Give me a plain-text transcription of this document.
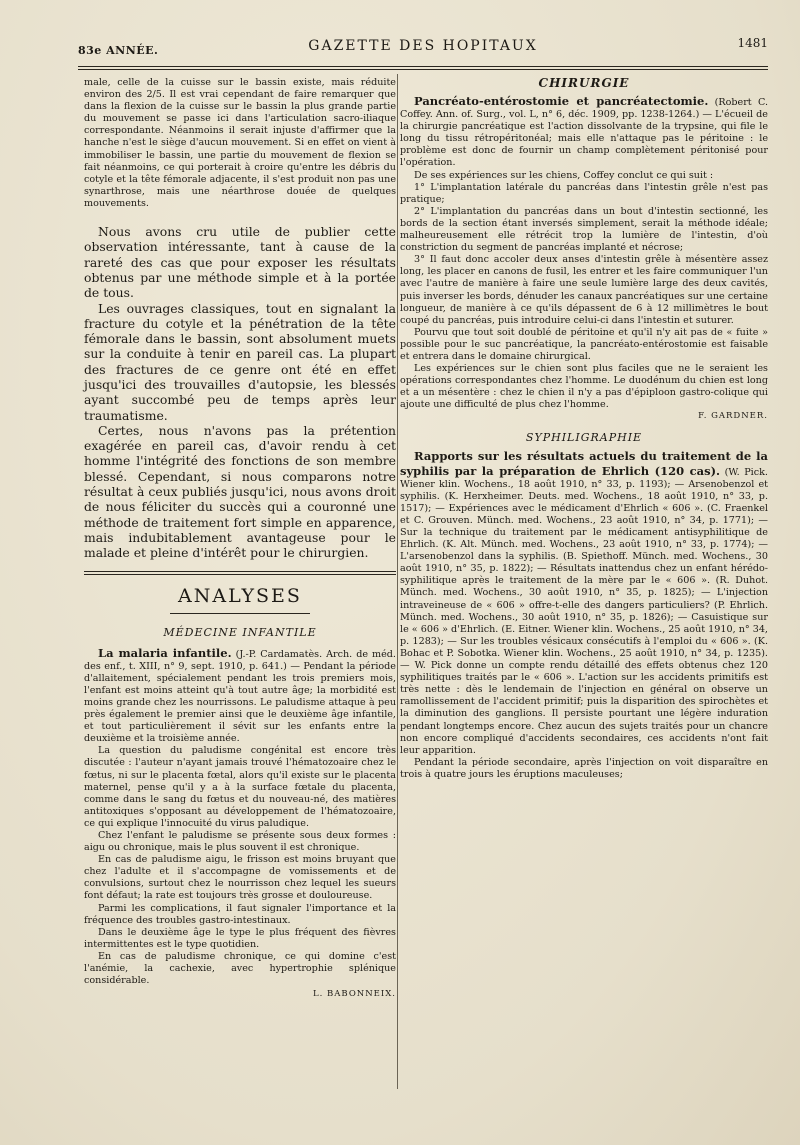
83e ANNÉE.	GAZETTE DES HOPITAUX	1481

male, celle de la cuisse sur le bassin existe, mais réduite environ des 2/5. Il est vrai cependant de faire remarquer que dans la flexion de la cuisse sur le bassin la plus grande partie du mouvement se passe ici dans l'articulation sacro-iliaque correspondante. Néanmoins il serait injuste d'affirmer que la hanche n'est le siège d'aucun mouvement. Si en effet on vient à immobiliser le bassin, une partie du mouvement de flexion se fait néanmoins, ce qui porterait à croire qu'entre les débris du cotyle et la tête fémorale adjacente, il s'est produit non pas une synarthrose, mais une néarthrose douée de quelques mouvements.

Nous avons cru utile de publier cette observation intéressante, tant à cause de la rareté des cas que pour exposer les résultats obtenus par une méthode simple et à la portée de tous.

Les ouvrages classiques, tout en signalant la fracture du cotyle et la pénétration de la tête fémorale dans le bassin, sont absolument muets sur la conduite à tenir en pareil cas. La plupart des fractures de ce genre ont été en effet jusqu'ici des trouvailles d'autopsie, les blessés ayant succombé peu de temps après leur traumatisme.

Certes, nous n'avons pas la prétention exagérée en pareil cas, d'avoir rendu à cet homme l'intégrité des fonctions de son membre blessé. Cependant, si nous comparons notre résultat à ceux publiés jusqu'ici, nous avons droit de nous féliciter du succès qui a couronné une méthode de traitement fort simple en apparence, mais indubitablement avantageuse pour le malade et pleine d'intérêt pour le chirurgien.

ANALYSES
MÉDECINE INFANTILE

La malaria infantile. (J.-P. Cardamatès. Arch. de méd. des enf., t. XIII, n° 9, sept. 1910, p. 641.) — Pendant la période d'allaitement, spécialement pendant les trois premiers mois, l'enfant est moins atteint qu'à tout autre âge; la morbidité est moins grande chez les nourrissons. Le paludisme attaque à peu près également le premier ainsi que le deuxième âge infantile, et tout particulièrement il sévit sur les enfants entre la deuxième et la troisième année.

La question du paludisme congénital est encore très discutée : l'auteur n'ayant jamais trouvé l'hématozoaire chez le fœtus, ni sur le placenta fœtal, alors qu'il existe sur le placenta maternel, pense qu'il y a à la surface fœtale du placenta, comme dans le sang du fœtus et du nouveau-né, des matières antitoxiques s'opposant au développement de l'hématozoaire, ce qui explique l'innocuité du virus paludique.

Chez l'enfant le paludisme se présente sous deux formes : aigu ou chronique, mais le plus souvent il est chronique.

En cas de paludisme aigu, le frisson est moins bruyant que chez l'adulte et il s'accompagne de vomissements et de convulsions, surtout chez le nourrisson chez lequel les sueurs font défaut; la rate est toujours très grosse et douloureuse.

Parmi les complications, il faut signaler l'importance et la fréquence des troubles gastro-intestinaux.

Dans le deuxième âge le type le plus fréquent des fièvres intermittentes est le type quotidien.

En cas de paludisme chronique, ce qui domine c'est l'anémie, la cachexie, avec hypertrophie splénique considérable.

L. BABONNEIX.
CHIRURGIE

Pancréato-entérostomie et pancréatectomie. (Robert C. Coffey. Ann. of. Surg., vol. L, n° 6, déc. 1909, pp. 1238-1264.) — L'écueil de la chirurgie pancréatique est l'action dissolvante de la trypsine, qui file le long du tissu rétropéritonéal; mais elle n'attaque pas le péritoine : le problème est donc de fournir un champ complètement péritonisé pour l'opération.

De ses expériences sur les chiens, Coffey conclut ce qui suit :

1° L'implantation latérale du pancréas dans l'intestin grêle n'est pas pratique;

2° L'implantation du pancréas dans un bout d'intestin sectionné, les bords de la section étant inversés simplement, serait la méthode idéale; malheureusement elle rétrécit trop la lumière de l'intestin, d'où constriction du segment de pancréas implanté et nécrose;

3° Il faut donc accoler deux anses d'intestin grêle à mésentère assez long, les placer en canons de fusil, les entrer et les faire communiquer l'un avec l'autre de manière à faire une seule lumière large des deux cavités, puis inverser les bords, dénuder les canaux pancréatiques sur une certaine longueur, de manière à ce qu'ils dépassent de 6 à 12 millimètres le bout coupé du pancréas, puis introduire celui-ci dans l'intestin et suturer.

Pourvu que tout soit doublé de péritoine et qu'il n'y ait pas de « fuite » possible pour le suc pancréatique, la pancréato-entérostomie est faisable et entrera dans le domaine chirurgical.

Les expériences sur le chien sont plus faciles que ne le seraient les opérations correspondantes chez l'homme. Le duodénum du chien est long et a un mésentère : chez le chien il n'y a pas d'épiploon gastro-colique qui ajoute une difficulté de plus chez l'homme.

F. GARDNER.
SYPHILIGRAPHIE

Rapports sur les résultats actuels du traitement de la syphilis par la préparation de Ehrlich (120 cas). (W. Pick. Wiener klin. Wochens., 18 août 1910, n° 33, p. 1193); — Arsenobenzol et syphilis. (K. Herxheimer. Deuts. med. Wochens., 18 août 1910, n° 33, p. 1517); — Expériences avec le médicament d'Ehrlich « 606 ». (C. Fraenkel et C. Grouven. Münch. med. Wochens., 23 août 1910, n° 34, p. 1771); — Sur la technique du traitement par le médicament antisyphilitique de Ehrlich. (K. Alt. Münch. med. Wochens., 23 août 1910, n° 33, p. 1774); — L'arsenobenzol dans la syphilis. (B. Spiethoff. Münch. med. Wochens., 30 août 1910, n° 35, p. 1822); — Résultats inattendus chez un enfant hérédo-syphilitique après le traitement de la mère par le « 606 ». (R. Duhot. Münch. med. Wochens., 30 août 1910, n° 35, p. 1825); — L'injection intraveineuse de « 606 » offre-t-elle des dangers particuliers? (P. Ehrlich. Münch. med. Wochens., 30 août 1910, n° 35, p. 1826); — Casuistique sur le « 606 » d'Ehrlich. (E. Eitner. Wiener klin. Wochens., 25 août 1910, n° 34, p. 1283); — Sur les troubles vésicaux consécutifs à l'emploi du « 606 ». (K. Bohac et P. Sobotka. Wiener klin. Wochens., 25 août 1910, n° 34, p. 1235). — W. Pick donne un compte rendu détaillé des effets obtenus chez 120 syphilitiques traités par le « 606 ». L'action sur les accidents primitifs est très nette : dès le lendemain de l'injection en général on observe un ramollissement de l'accident primitif; puis la disparition des spirochètes et la diminution des ganglions. Il persiste pourtant une légère induration pendant longtemps encore. Chez aucun des sujets traités pour un chancre non encore compliqué d'accidents secondaires, ces accidents n'ont fait leur apparition.

Pendant la période secondaire, après l'injection on voit disparaître en trois à quatre jours les éruptions maculeuses;
